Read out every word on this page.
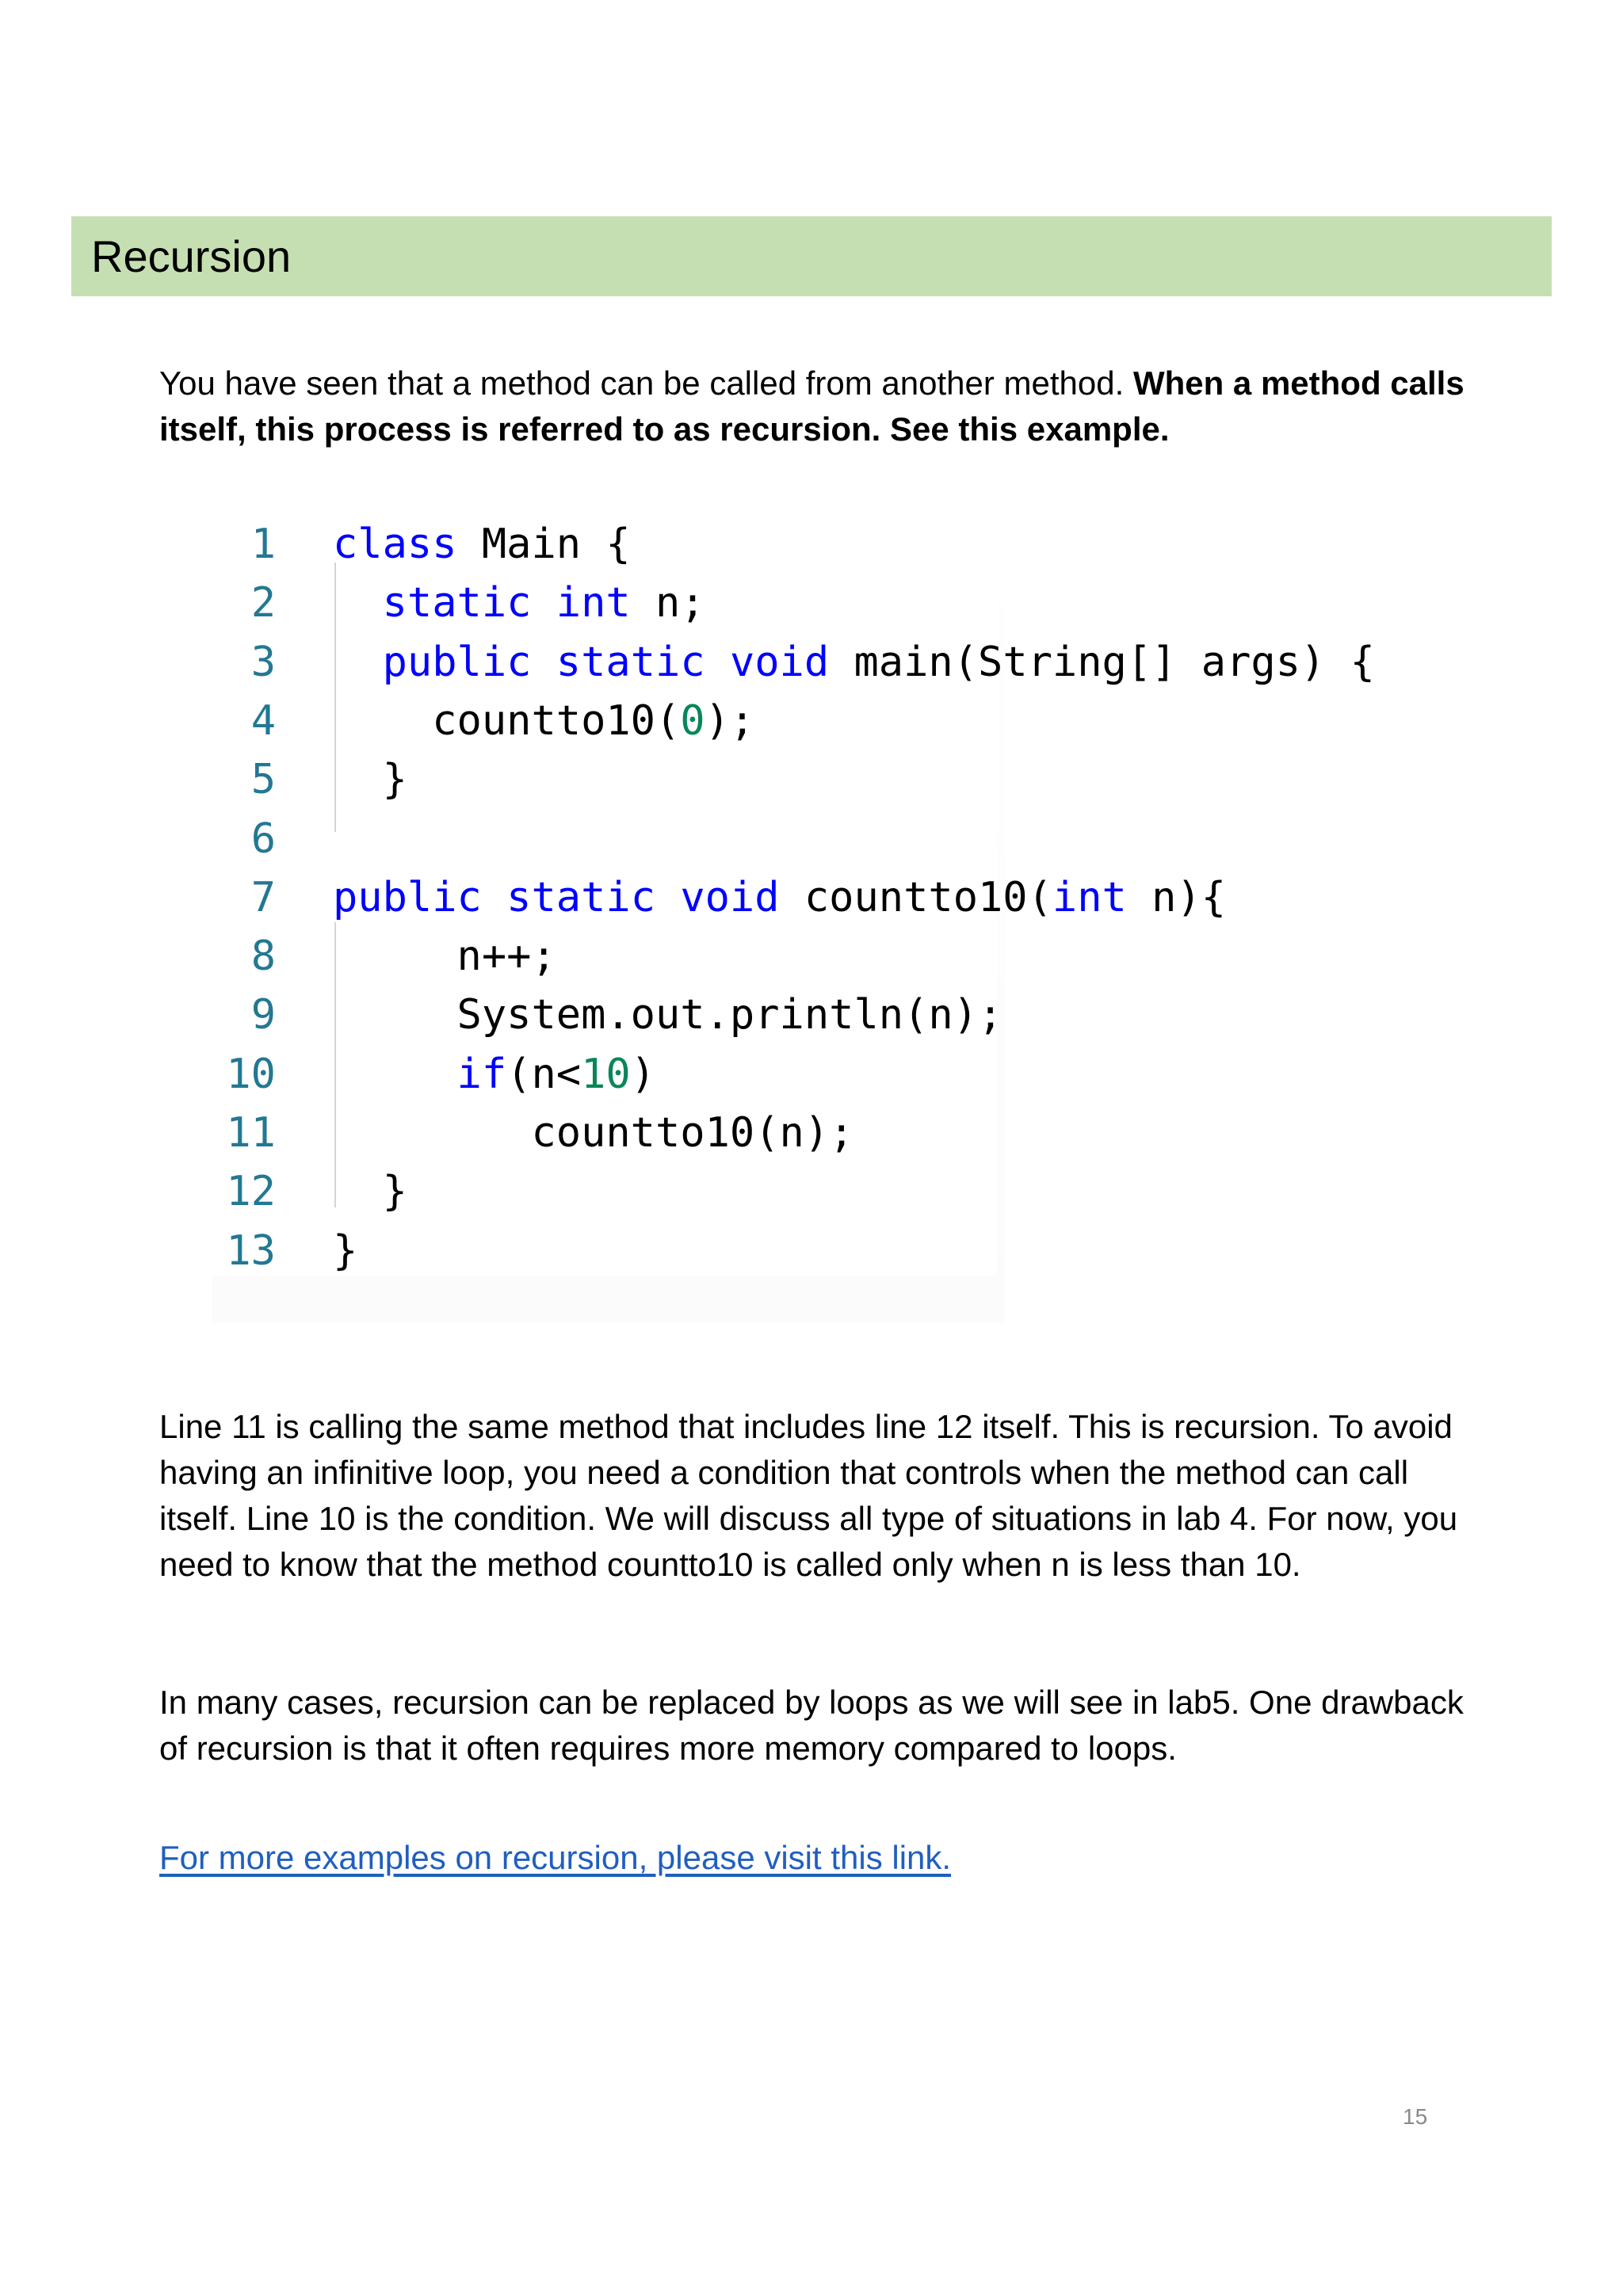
Recursion

You have seen that a method can be called from another method. When a method calls itself, this process is referred to as recursion. See this example.

1 class Main {
2	static int n;
3	public static void main(String[] args) {
4 countto10(0);
5 }
6
7 public static void countto10(int n){
8 n++;
9 System.out.println(n);
10	if(n<10)
11 countto10(n);
12 }
13 }

Line 11 is calling the same method that includes line 12 itself. This is recursion. To avoid having an infinitive loop, you need a condition that controls when the method can call itself. Line 10 is the condition. We will discuss all type of situations in lab 4. For now, you need to know that the method countto10 is called only when n is less than 10.

In many cases, recursion can be replaced by loops as we will see in lab5. One drawback of recursion is that it often requires more memory compared to loops.

For more examples on recursion, please visit this link.

15
